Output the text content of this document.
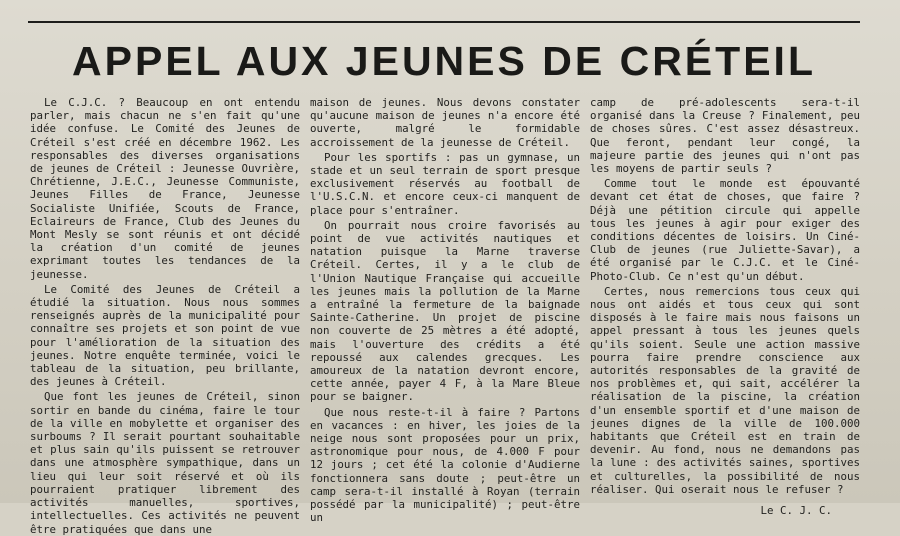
APPEL AUX JEUNES DE CRÉTEIL

Le C.J.C. ? Beaucoup en ont entendu parler, mais chacun ne s'en fait qu'une idée confuse. Le Comité des Jeunes de Créteil s'est créé en décembre 1962. Les responsables des diverses organisations de jeunes de Créteil : Jeunesse Ouvrière, Chrétienne, J.E.C., Jeunesse Communiste, Jeunes Filles de France, Jeunesse Socialiste Unifiée, Scouts de France, Eclaireurs de France, Club des Jeunes du Mont Mesly se sont réunis et ont décidé la création d'un comité de jeunes exprimant toutes les tendances de la jeunesse.

Le Comité des Jeunes de Créteil a étudié la situation. Nous nous sommes renseignés auprès de la municipalité pour connaître ses projets et son point de vue pour l'amélioration de la situation des jeunes. Notre enquête terminée, voici le tableau de la situation, peu brillante, des jeunes à Créteil.

Que font les jeunes de Créteil, sinon sortir en bande du cinéma, faire le tour de la ville en mobylette et organiser des surboums ? Il serait pourtant souhaitable et plus sain qu'ils puissent se retrouver dans une atmosphère sympathique, dans un lieu qui leur soit réservé et où ils pourraient pratiquer librement des activités manuelles, sportives, intellectuelles. Ces activités ne peuvent être pratiquées que dans une

maison de jeunes. Nous devons constater qu'aucune maison de jeunes n'a encore été ouverte, malgré le formidable accroissement de la jeunesse de Créteil.

Pour les sportifs : pas un gymnase, un stade et un seul terrain de sport presque exclusivement réservés au football de l'U.S.C.N. et encore ceux-ci manquent de place pour s'entraîner.

On pourrait nous croire favorisés au point de vue activités nautiques et natation puisque la Marne traverse Créteil. Certes, il y a le club de l'Union Nautique Française qui accueille les jeunes mais la pollution de la Marne a entraîné la fermeture de la baignade Sainte-Catherine. Un projet de piscine non couverte de 25 mètres a été adopté, mais l'ouverture des crédits a été repoussé aux calendes grecques. Les amoureux de la natation devront encore, cette année, payer 4 F, à la Mare Bleue pour se baigner.

Que nous reste-t-il à faire ? Partons en vacances : en hiver, les joies de la neige nous sont proposées pour un prix, astronomique pour nous, de 4.000 F pour 12 jours ; cet été la colonie d'Audierne fonctionnera sans doute ; peut-être un camp sera-t-il installé à Royan (terrain possédé par la municipalité) ; peut-être un

camp de pré-adolescents sera-t-il organisé dans la Creuse ? Finalement, peu de choses sûres. C'est assez désastreux. Que feront, pendant leur congé, la majeure partie des jeunes qui n'ont pas les moyens de partir seuls ?

Comme tout le monde est épouvanté devant cet état de choses, que faire ? Déjà une pétition circule qui appelle tous les jeunes à agir pour exiger des conditions décentes de loisirs. Un Ciné-Club de jeunes (rue Juliette-Savar), a été organisé par le C.J.C. et le Ciné-Photo-Club. Ce n'est qu'un début.

Certes, nous remercions tous ceux qui nous ont aidés et tous ceux qui sont disposés à le faire mais nous faisons un appel pressant à tous les jeunes quels qu'ils soient. Seule une action massive pourra faire prendre conscience aux autorités responsables de la gravité de nos problèmes et, qui sait, accélérer la réalisation de la piscine, la création d'un ensemble sportif et d'une maison de jeunes dignes de la ville de 100.000 habitants que Créteil est en train de devenir. Au fond, nous ne demandons pas la lune : des activités saines, sportives et culturelles, la possibilité de nous réaliser. Qui oserait nous le refuser ?

Le C. J. C.
